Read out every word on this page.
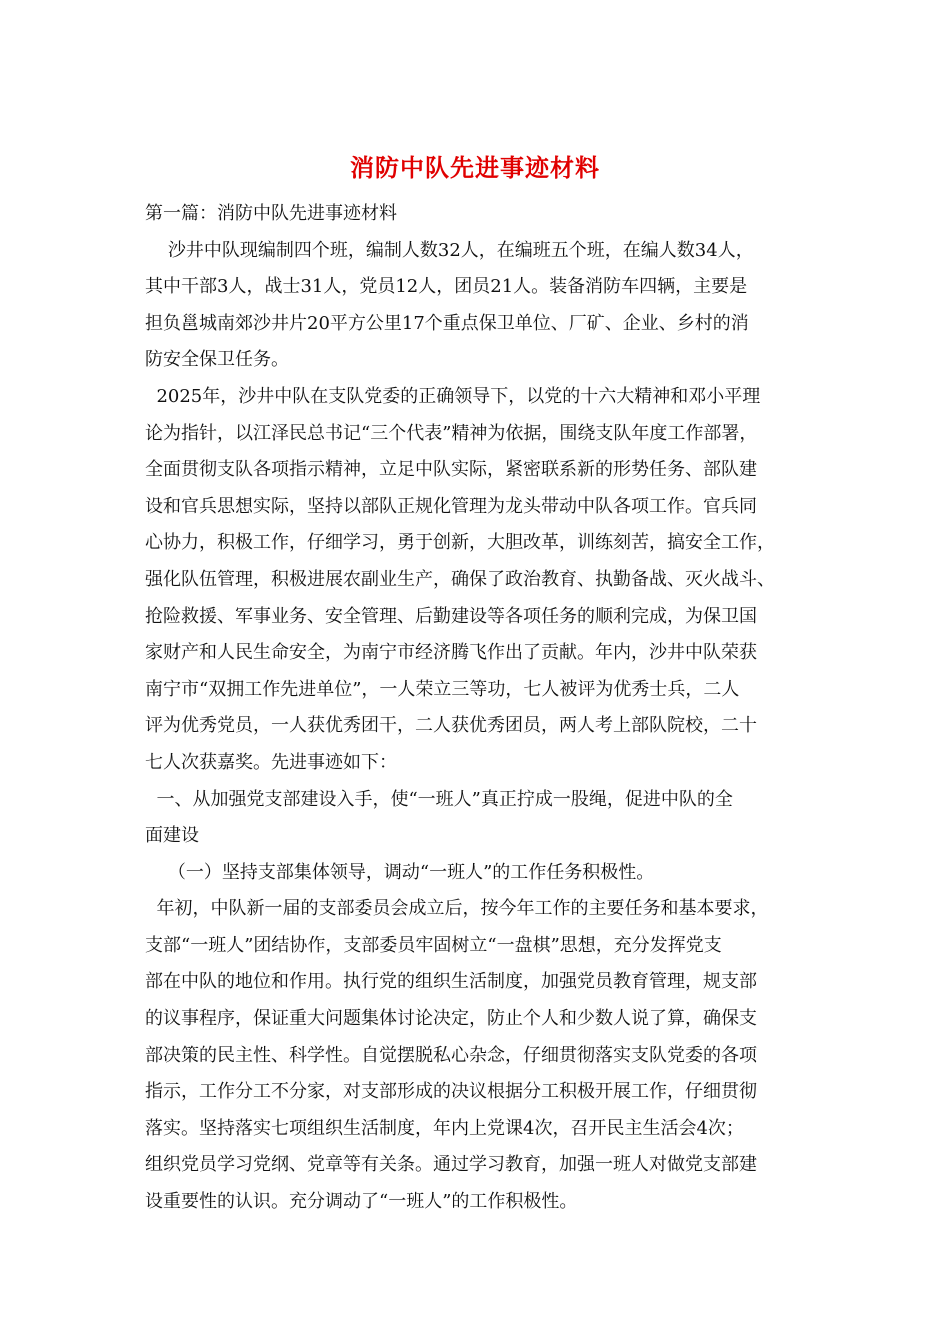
消防中队先进事迹材料
第一篇：消防中队先进事迹材料
沙井中队现编制四个班，编制人数32人，在编班五个班，在编人数34人，
其中干部3人，战士31人，党员12人，团员21人。装备消防车四辆，主要是
担负邕城南郊沙井片20平方公里17个重点保卫单位、厂矿、企业、乡村的消
防安全保卫任务。
2025年，沙井中队在支队党委的正确领导下，以党的十六大精神和邓小平理
论为指针，以江泽民总书记“三个代表”精神为依据，围绕支队年度工作部署，
全面贯彻支队各项指示精神，立足中队实际，紧密联系新的形势任务、部队建
设和官兵思想实际，坚持以部队正规化管理为龙头带动中队各项工作。官兵同
心协力，积极工作，仔细学习，勇于创新，大胆改革，训练刻苦，搞安全工作，
强化队伍管理，积极进展农副业生产，确保了政治教育、执勤备战、灭火战斗、
抢险救援、军事业务、安全管理、后勤建设等各项任务的顺利完成，为保卫国
家财产和人民生命安全，为南宁市经济腾飞作出了贡献。年内，沙井中队荣获
南宁市“双拥工作先进单位”，一人荣立三等功，七人被评为优秀士兵，二人
评为优秀党员，一人获优秀团干，二人获优秀团员，两人考上部队院校，二十
七人次获嘉奖。先进事迹如下：
一、从加强党支部建设入手，使“一班人”真正拧成一股绳，促进中队的全
面建设
（一）坚持支部集体领导，调动“一班人”的工作任务积极性。
年初，中队新一届的支部委员会成立后，按今年工作的主要任务和基本要求，
支部“一班人”团结协作，支部委员牢固树立“一盘棋”思想，充分发挥党支
部在中队的地位和作用。执行党的组织生活制度，加强党员教育管理，规支部
的议事程序，保证重大问题集体讨论决定，防止个人和少数人说了算，确保支
部决策的民主性、科学性。自觉摆脱私心杂念，仔细贯彻落实支队党委的各项
指示，工作分工不分家，对支部形成的决议根据分工积极开展工作，仔细贯彻
落实。坚持落实七项组织生活制度，年内上党课4次，召开民主生活会4次；
组织党员学习党纲、党章等有关条。通过学习教育，加强一班人对做党支部建
设重要性的认识。充分调动了“一班人”的工作积极性。
